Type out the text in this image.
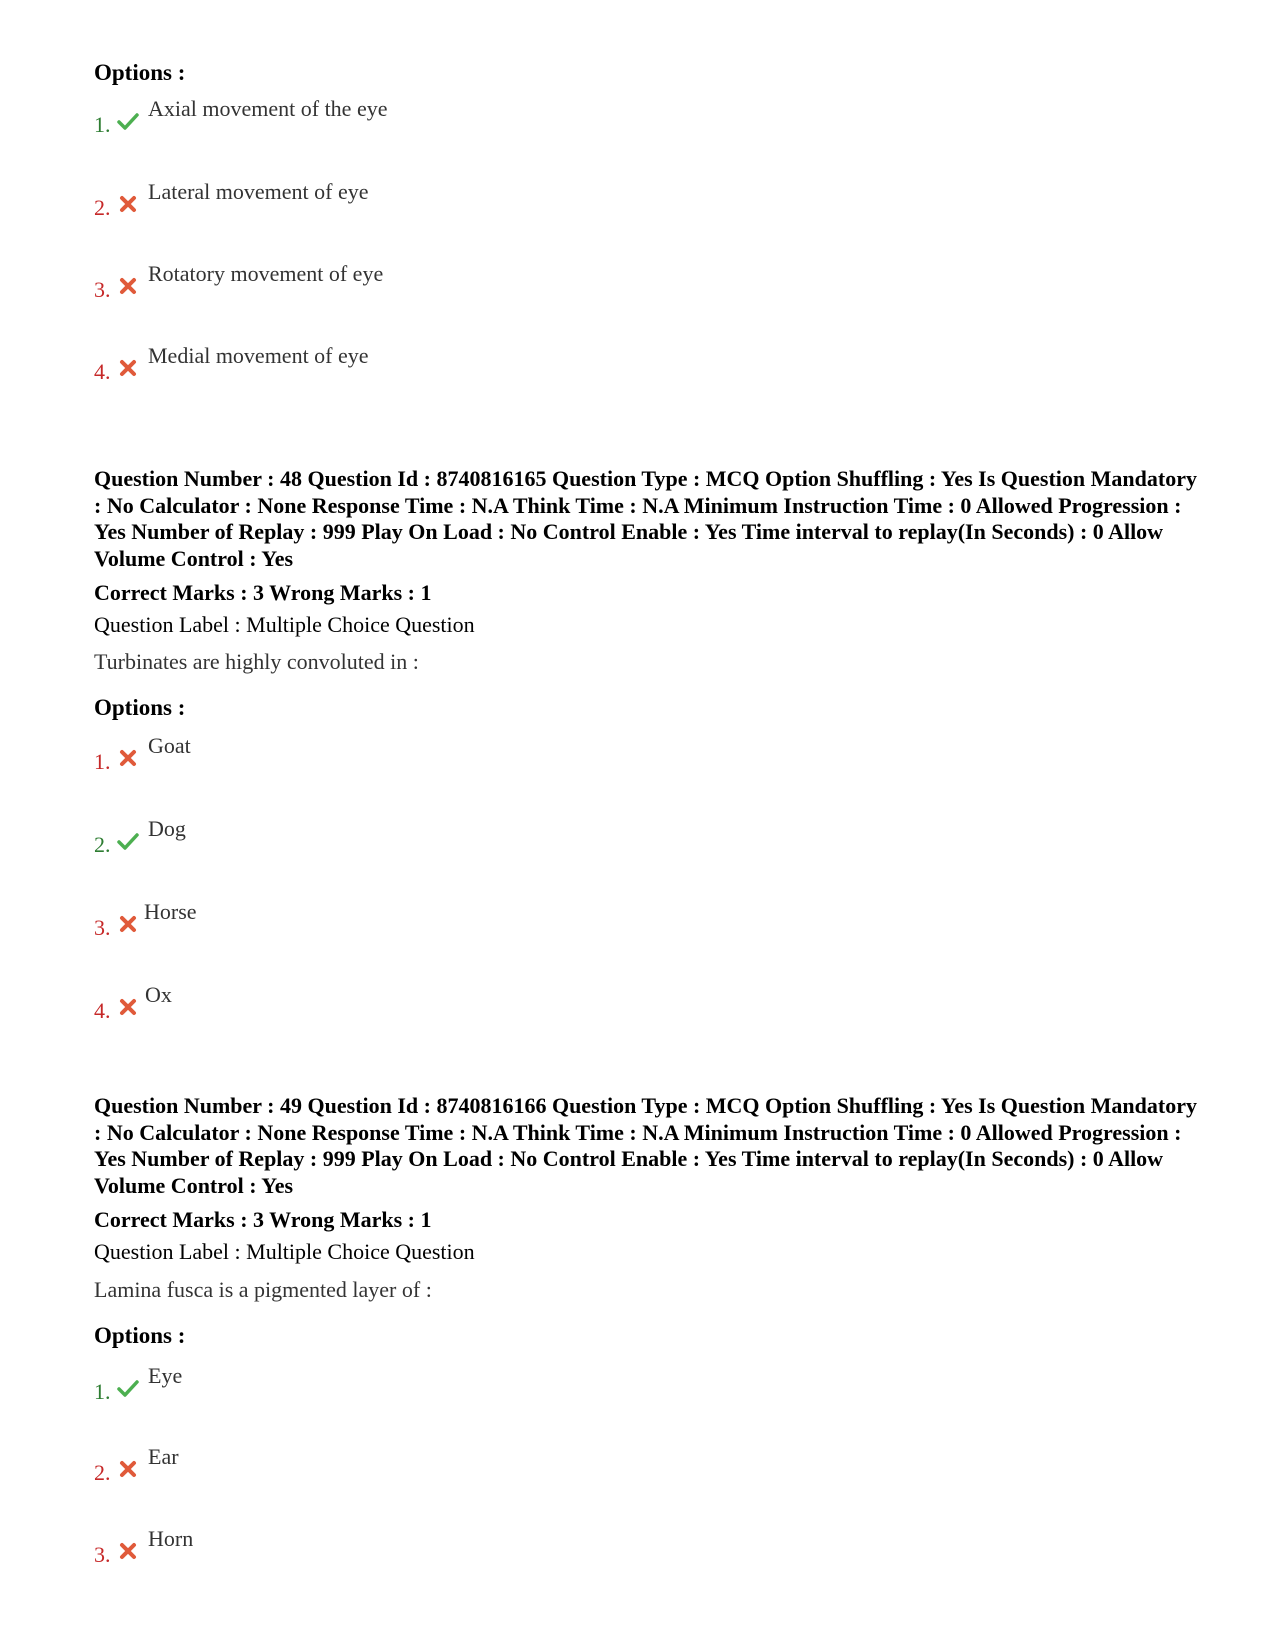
Options :
1.
Axial movement of the eye
2.
Lateral movement of eye
3.
Rotatory movement of eye
4.
Medial movement of eye

Question Number : 48 Question Id : 8740816165 Question Type : MCQ Option Shuffling : Yes Is Question Mandatory : No Calculator : None Response Time : N.A Think Time : N.A Minimum Instruction Time : 0 Allowed Progression : Yes Number of Replay : 999 Play On Load : No Control Enable : Yes Time interval to replay(In Seconds) : 0 Allow Volume Control : Yes

Correct Marks : 3 Wrong Marks : 1
Question Label : Multiple Choice Question
Turbinates are highly convoluted in :
Options :
1.
Goat
2.
Dog
3.
Horse
4.
Ox

Question Number : 49 Question Id : 8740816166 Question Type : MCQ Option Shuffling : Yes Is Question Mandatory : No Calculator : None Response Time : N.A Think Time : N.A Minimum Instruction Time : 0 Allowed Progression : Yes Number of Replay : 999 Play On Load : No Control Enable : Yes Time interval to replay(In Seconds) : 0 Allow Volume Control : Yes

Correct Marks : 3 Wrong Marks : 1
Question Label : Multiple Choice Question
Lamina fusca is a pigmented layer of :
Options :
1.
Eye
2.
Ear
3.
Horn
